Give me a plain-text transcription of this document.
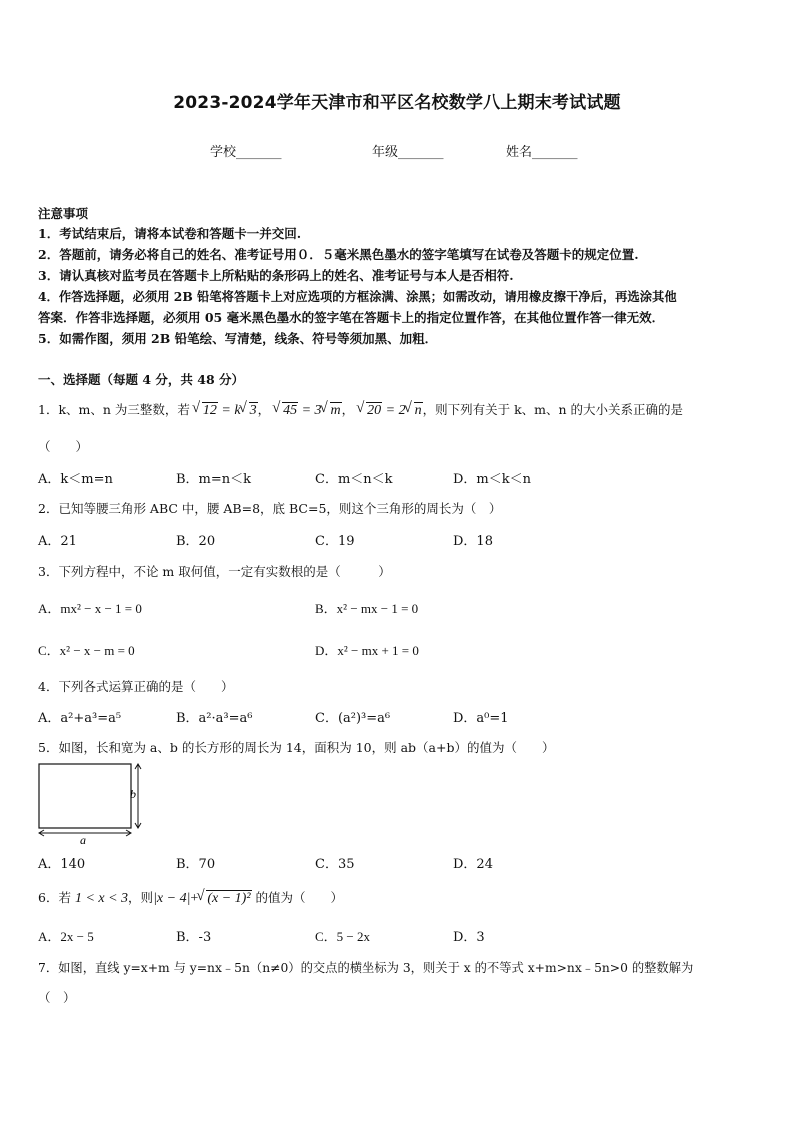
2023-2024学年天津市和平区名校数学八上期末考试试题
学校_______	年级_______	姓名_______
注意事项
1．考试结束后，请将本试卷和答题卡一并交回.
2．答题前，请务必将自己的姓名、准考证号用０．５毫米黑色墨水的签字笔填写在试卷及答题卡的规定位置.
3．请认真核对监考员在答题卡上所粘贴的条形码上的姓名、准考证号与本人是否相符.
4．作答选择题，必须用 2B 铅笔将答题卡上对应选项的方框涂满、涂黑；如需改动，请用橡皮擦干净后，再选涂其他
答案．作答非选择题，必须用 05 毫米黑色墨水的签字笔在答题卡上的指定位置作答，在其他位置作答一律无效．
5．如需作图，须用 2B 铅笔绘、写清楚，线条、符号等须加黑、加粗．
一、选择题（每题 4 分，共 48 分）
1．k、m、n 为三整数，若 √ 12 = k √ 3， √ 45 = 3 √ m， √ 20 = 2 √ n，则下列有关于 k、m、n 的大小关系正确的是
（　　）
A．k＜m=n	B．m=n＜k	C．m＜n＜k	D．m＜k＜n
2．已知等腰三角形 ABC 中，腰 AB=8，底 BC=5，则这个三角形的周长为（　）
A．21	B．20	C．19	D．18
3．下列方程中，不论 m 取何值，一定有实数根的是（　　　）
A．mx² − x − 1 = 0	B．x² − mx − 1 = 0
C．x² − x − m = 0	D．x² − mx + 1 = 0
4．下列各式运算正确的是（　　）
A．a²+a³=a⁵	B．a²·a³=a⁶	C．(a²)³=a⁶	D．a⁰=1
5．如图，长和宽为 a、b 的长方形的周长为 14，面积为 10，则 ab（a+b）的值为（　　）
b
a
A．140	B．70	C．35	D．24
6．若 1 < x < 3，则|x − 4|+ √ (x − 1)² 的值为（　　）
A．2x − 5	B．-3	C．5 − 2x	D．3
7．如图，直线 y=x+m 与 y=nx﹣5n（n≠0）的交点的横坐标为 3，则关于 x 的不等式 x+m>nx﹣5n>0 的整数解为
（　）
